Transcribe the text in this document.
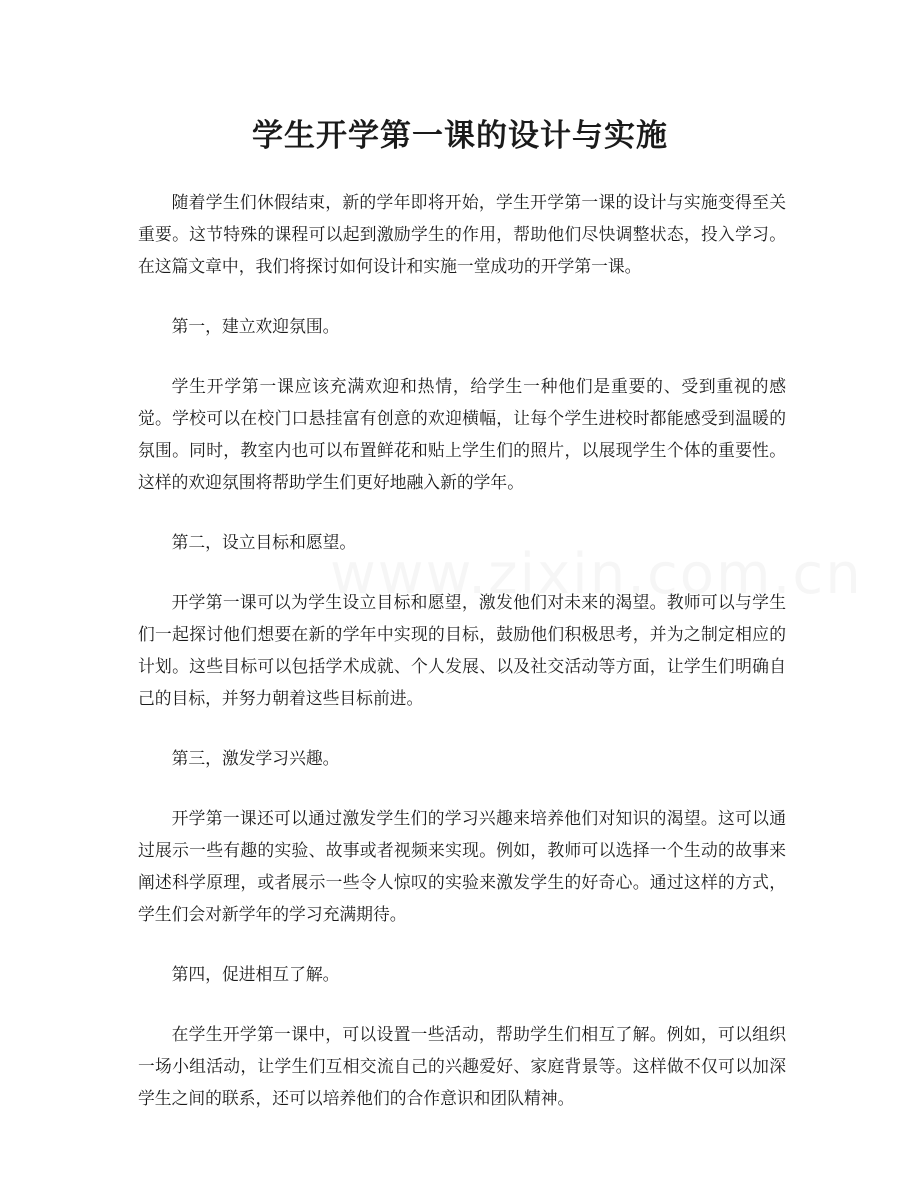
学生开学第一课的设计与实施

随着学生们休假结束，新的学年即将开始，学生开学第一课的设计与实施变得至关重要。这节特殊的课程可以起到激励学生的作用，帮助他们尽快调整状态，投入学习。在这篇文章中，我们将探讨如何设计和实施一堂成功的开学第一课。

第一，建立欢迎氛围。

学生开学第一课应该充满欢迎和热情，给学生一种他们是重要的、受到重视的感觉。学校可以在校门口悬挂富有创意的欢迎横幅，让每个学生进校时都能感受到温暖的氛围。同时，教室内也可以布置鲜花和贴上学生们的照片，以展现学生个体的重要性。这样的欢迎氛围将帮助学生们更好地融入新的学年。

第二，设立目标和愿望。

开学第一课可以为学生设立目标和愿望，激发他们对未来的渴望。教师可以与学生们一起探讨他们想要在新的学年中实现的目标，鼓励他们积极思考，并为之制定相应的计划。这些目标可以包括学术成就、个人发展、以及社交活动等方面，让学生们明确自己的目标，并努力朝着这些目标前进。

第三，激发学习兴趣。

开学第一课还可以通过激发学生们的学习兴趣来培养他们对知识的渴望。这可以通过展示一些有趣的实验、故事或者视频来实现。例如，教师可以选择一个生动的故事来阐述科学原理，或者展示一些令人惊叹的实验来激发学生的好奇心。通过这样的方式，学生们会对新学年的学习充满期待。

第四，促进相互了解。

在学生开学第一课中，可以设置一些活动，帮助学生们相互了解。例如，可以组织一场小组活动，让学生们互相交流自己的兴趣爱好、家庭背景等。这样做不仅可以加深学生之间的联系，还可以培养他们的合作意识和团队精神。
